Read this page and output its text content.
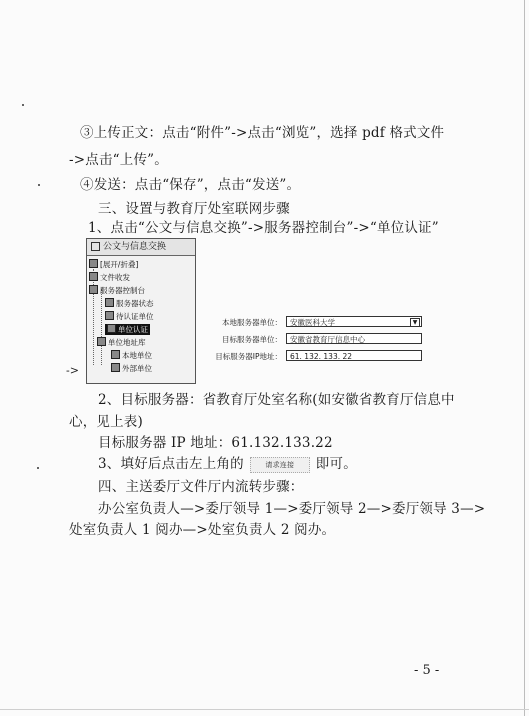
③上传正文：点击“附件”->点击“浏览”，选择 pdf 格式文件
->点击“上传”。
④发送：点击“保存”，点击“发送”。
三、设置与教育厅处室联网步骤
1、点击“公文与信息交换”->服务器控制台”->“单位认证”
公文与信息交换
[展开/折叠]
文件收发
服务器控制台
服务器状态
待认证单位
单位认证
单位地址库
本地单位
外部单位
本地服务器单位：	安徽医科大学	▼
目标服务器单位：	安徽省教育厅信息中心
目标服务器IP地址：	61. 132. 133. 22
->
2、目标服务器：省教育厅处室名称(如安徽省教育厅信息中
心，见上表)
目标服务器 IP 地址：61.132.133.22
3、填好后点击左上角的	请求连接 即可。
四、主送委厅文件厅内流转步骤：
办公室负责人—>委厅领导 1—>委厅领导 2—>委厅领导 3—>
处室负责人 1 阅办—>处室负责人 2 阅办。
- 5 -
